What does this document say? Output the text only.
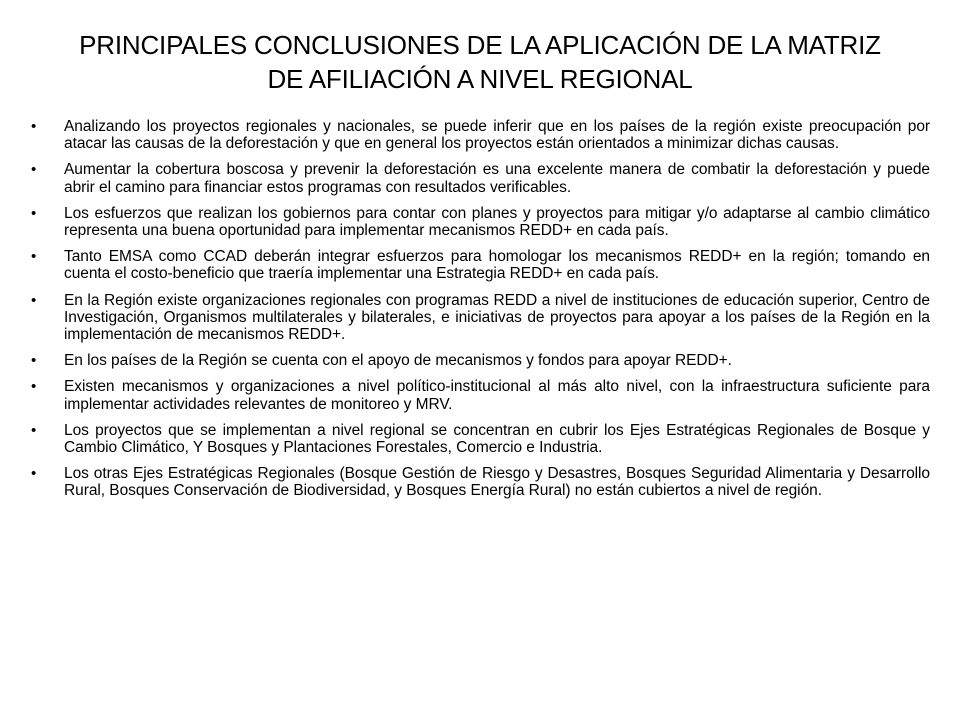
PRINCIPALES CONCLUSIONES DE LA APLICACIÓN DE LA MATRIZ
DE AFILIACIÓN A NIVEL REGIONAL
• Analizando los proyectos regionales y nacionales, se puede inferir que en los países de la región existe preocupación por atacar las causas de la deforestación y que en general los proyectos están orientados a minimizar dichas causas.
• Aumentar la cobertura boscosa y prevenir la deforestación es una excelente manera de combatir la deforestación y puede abrir el camino para financiar estos programas con resultados verificables.
• Los esfuerzos que realizan los gobiernos para contar con planes y proyectos para mitigar y/o adaptarse al cambio climático representa una buena oportunidad para implementar mecanismos REDD+ en cada país.
• Tanto EMSA como CCAD deberán integrar esfuerzos para homologar los mecanismos REDD+ en la región; tomando en cuenta el costo-beneficio que traería implementar una Estrategia REDD+ en cada país.
• En la Región existe organizaciones regionales con programas REDD a nivel de instituciones de educación superior, Centro de Investigación, Organismos multilaterales y bilaterales, e iniciativas de proyectos para apoyar a los países de la Región en la implementación de mecanismos REDD+.
• En los países de la Región se cuenta con el apoyo de mecanismos y fondos para apoyar REDD+.
• Existen mecanismos y organizaciones a nivel político-institucional al más alto nivel, con la infraestructura suficiente para implementar actividades relevantes de monitoreo y MRV.
• Los proyectos que se implementan a nivel regional se concentran en cubrir los Ejes Estratégicas Regionales de Bosque y Cambio Climático, Y Bosques y Plantaciones Forestales, Comercio e Industria.
• Los otras Ejes Estratégicas Regionales (Bosque Gestión de Riesgo y Desastres, Bosques Seguridad Alimentaria y Desarrollo Rural, Bosques Conservación de Biodiversidad, y Bosques Energía Rural) no están cubiertos a nivel de región.
